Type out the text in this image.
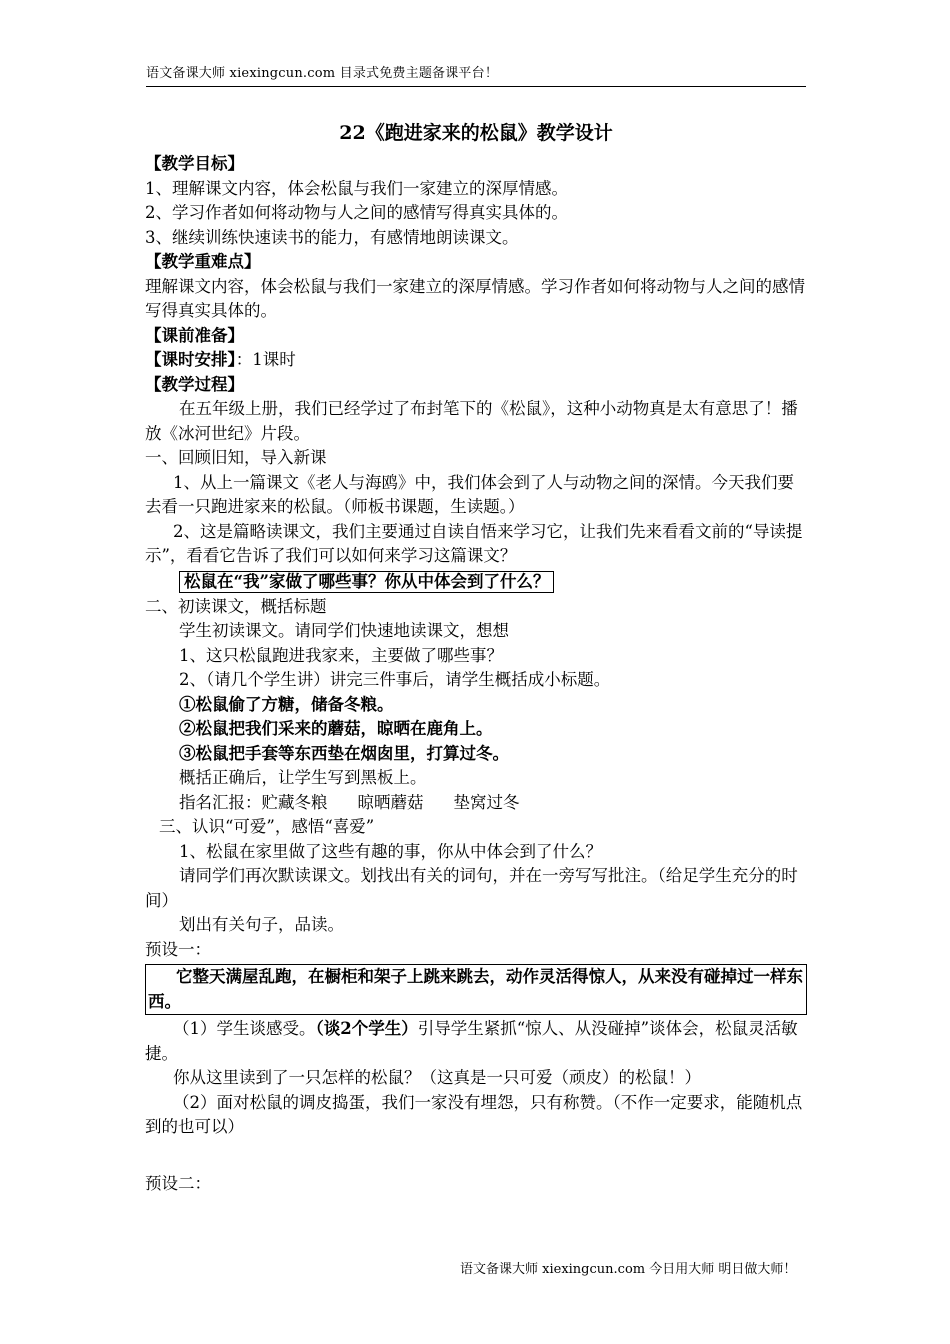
语文备课大师 xiexingcun.com 目录式免费主题备课平台！
22《跑进家来的松鼠》教学设计

【教学目标】

1、理解课文内容，体会松鼠与我们一家建立的深厚情感。

2、学习作者如何将动物与人之间的感情写得真实具体的。

3、继续训练快速读书的能力，有感情地朗读课文。

【教学重难点】

理解课文内容，体会松鼠与我们一家建立的深厚情感。学习作者如何将动物与人之间的感情写得真实具体的。

【课前准备】

【课时安排】：1课时

【教学过程】

在五年级上册，我们已经学过了布封笔下的《松鼠》，这种小动物真是太有意思了！播放《冰河世纪》片段。

一、回顾旧知，导入新课

1、从上一篇课文《老人与海鸥》中，我们体会到了人与动物之间的深情。今天我们要去看一只跑进家来的松鼠。（师板书课题，生读题。）

2、这是篇略读课文，我们主要通过自读自悟来学习它，让我们先来看看文前的“导读提示”，看看它告诉了我们可以如何来学习这篇课文？

松鼠在“我”家做了哪些事？你从中体会到了什么？

二、初读课文，概括标题

学生初读课文。请同学们快速地读课文，想想

1、这只松鼠跑进我家来，主要做了哪些事？

2、（请几个学生讲）讲完三件事后，请学生概括成小标题。

①松鼠偷了方糖，储备冬粮。

②松鼠把我们采来的蘑菇，晾晒在鹿角上。

③松鼠把手套等东西垫在烟囱里，打算过冬。

概括正确后，让学生写到黑板上。

指名汇报：贮藏冬粮 晾晒蘑菇 垫窝过冬

三、认识“可爱”，感悟“喜爱”

1、松鼠在家里做了这些有趣的事，你从中体会到了什么？

请同学们再次默读课文。划找出有关的词句，并在一旁写写批注。（给足学生充分的时间）

划出有关句子，品读。

预设一：

它整天满屋乱跑，在橱柜和架子上跳来跳去，动作灵活得惊人，从来没有碰掉过一样东西。

（1）学生谈感受。（谈2个学生）引导学生紧抓“惊人、从没碰掉”谈体会，松鼠灵活敏捷。

你从这里读到了一只怎样的松鼠？（这真是一只可爱（顽皮）的松鼠！）

（2）面对松鼠的调皮捣蛋，我们一家没有埋怨，只有称赞。（不作一定要求，能随机点到的也可以）

预设二：

语文备课大师 xiexingcun.com 今日用大师 明日做大师！
